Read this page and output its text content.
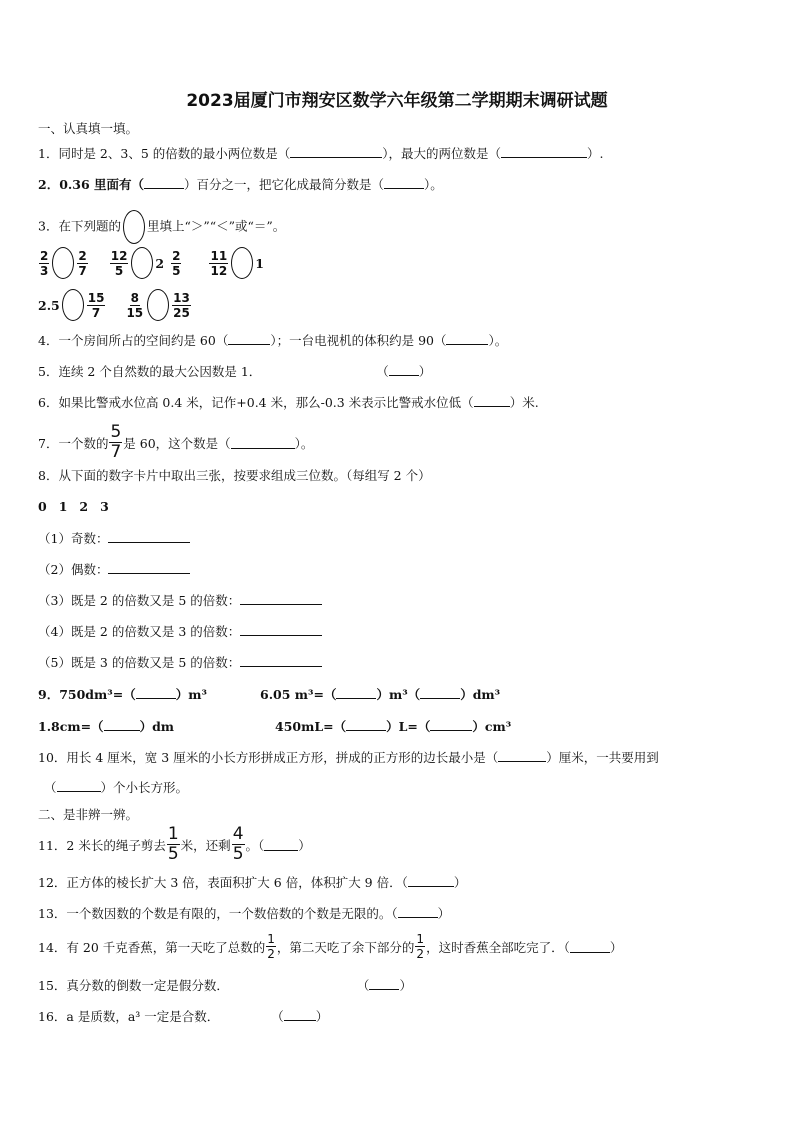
2023届厦门市翔安区数学六年级第二学期期末调研试题
一、认真填一填。
1．同时是 2、3、5 的倍数的最小两位数是（	），最大的两位数是（	）.
2．0.36 里面有（	）百分之一，把它化成最简分数是（	）。
3．在下列题的 里填上“＞”“＜”或“＝”。
$\frac{2}{3} \frac{2}{7} \frac{12}{5} 2 \frac{2}{5} \frac{11}{12} 1$
$2.5 \frac{15}{7} \frac{8}{15} \frac{13}{25}$
4．一个房间所占的空间约是 60（	）；一台电视机的体积约是 90（	）。
5．连续 2 个自然数的最大公因数是 1．	（ ）
6．如果比警戒水位高 0.4 米，记作+0.4 米，那么-0.3 米表示比警戒水位低（	）米.
7．一个数的 $\frac{5}{7}$ 是 60，这个数是（	）。
8．从下面的数字卡片中取出三张，按要求组成三位数。（每组写 2 个）
0 1 2 3
（1）奇数：
（2）偶数：
（3）既是 2 的倍数又是 5 的倍数：
（4）既是 2 的倍数又是 3 的倍数：
（5）既是 3 的倍数又是 5 的倍数：
9．750dm³=（	）m³	6.05 m³=（	）m³（	）dm³
1.8cm=（	）dm	450mL=（	）L=（	）cm³
10．用长 4 厘米，宽 3 厘米的小长方形拼成正方形，拼成的正方形的边长最小是（	）厘米，一共要用到
（	）个小长方形。
二、是非辨一辨。
11．2 米长的绳子剪去 $\frac{1}{5}$ 米，还剩 $\frac{4}{5}$ 。（	）
12．正方体的棱长扩大 3 倍，表面积扩大 6 倍，体积扩大 9 倍．（	）
13．一个数因数的个数是有限的，一个数倍数的个数是无限的。（	）
14．有 20 千克香蕉，第一天吃了总数的 $\frac{1}{2}$ ，第二天吃了余下部分的 $\frac{1}{2}$ ，这时香蕉全部吃完了．（	）
15．真分数的倒数一定是假分数．	（ ）
16．a 是质数，a³ 一定是合数．	（	）
